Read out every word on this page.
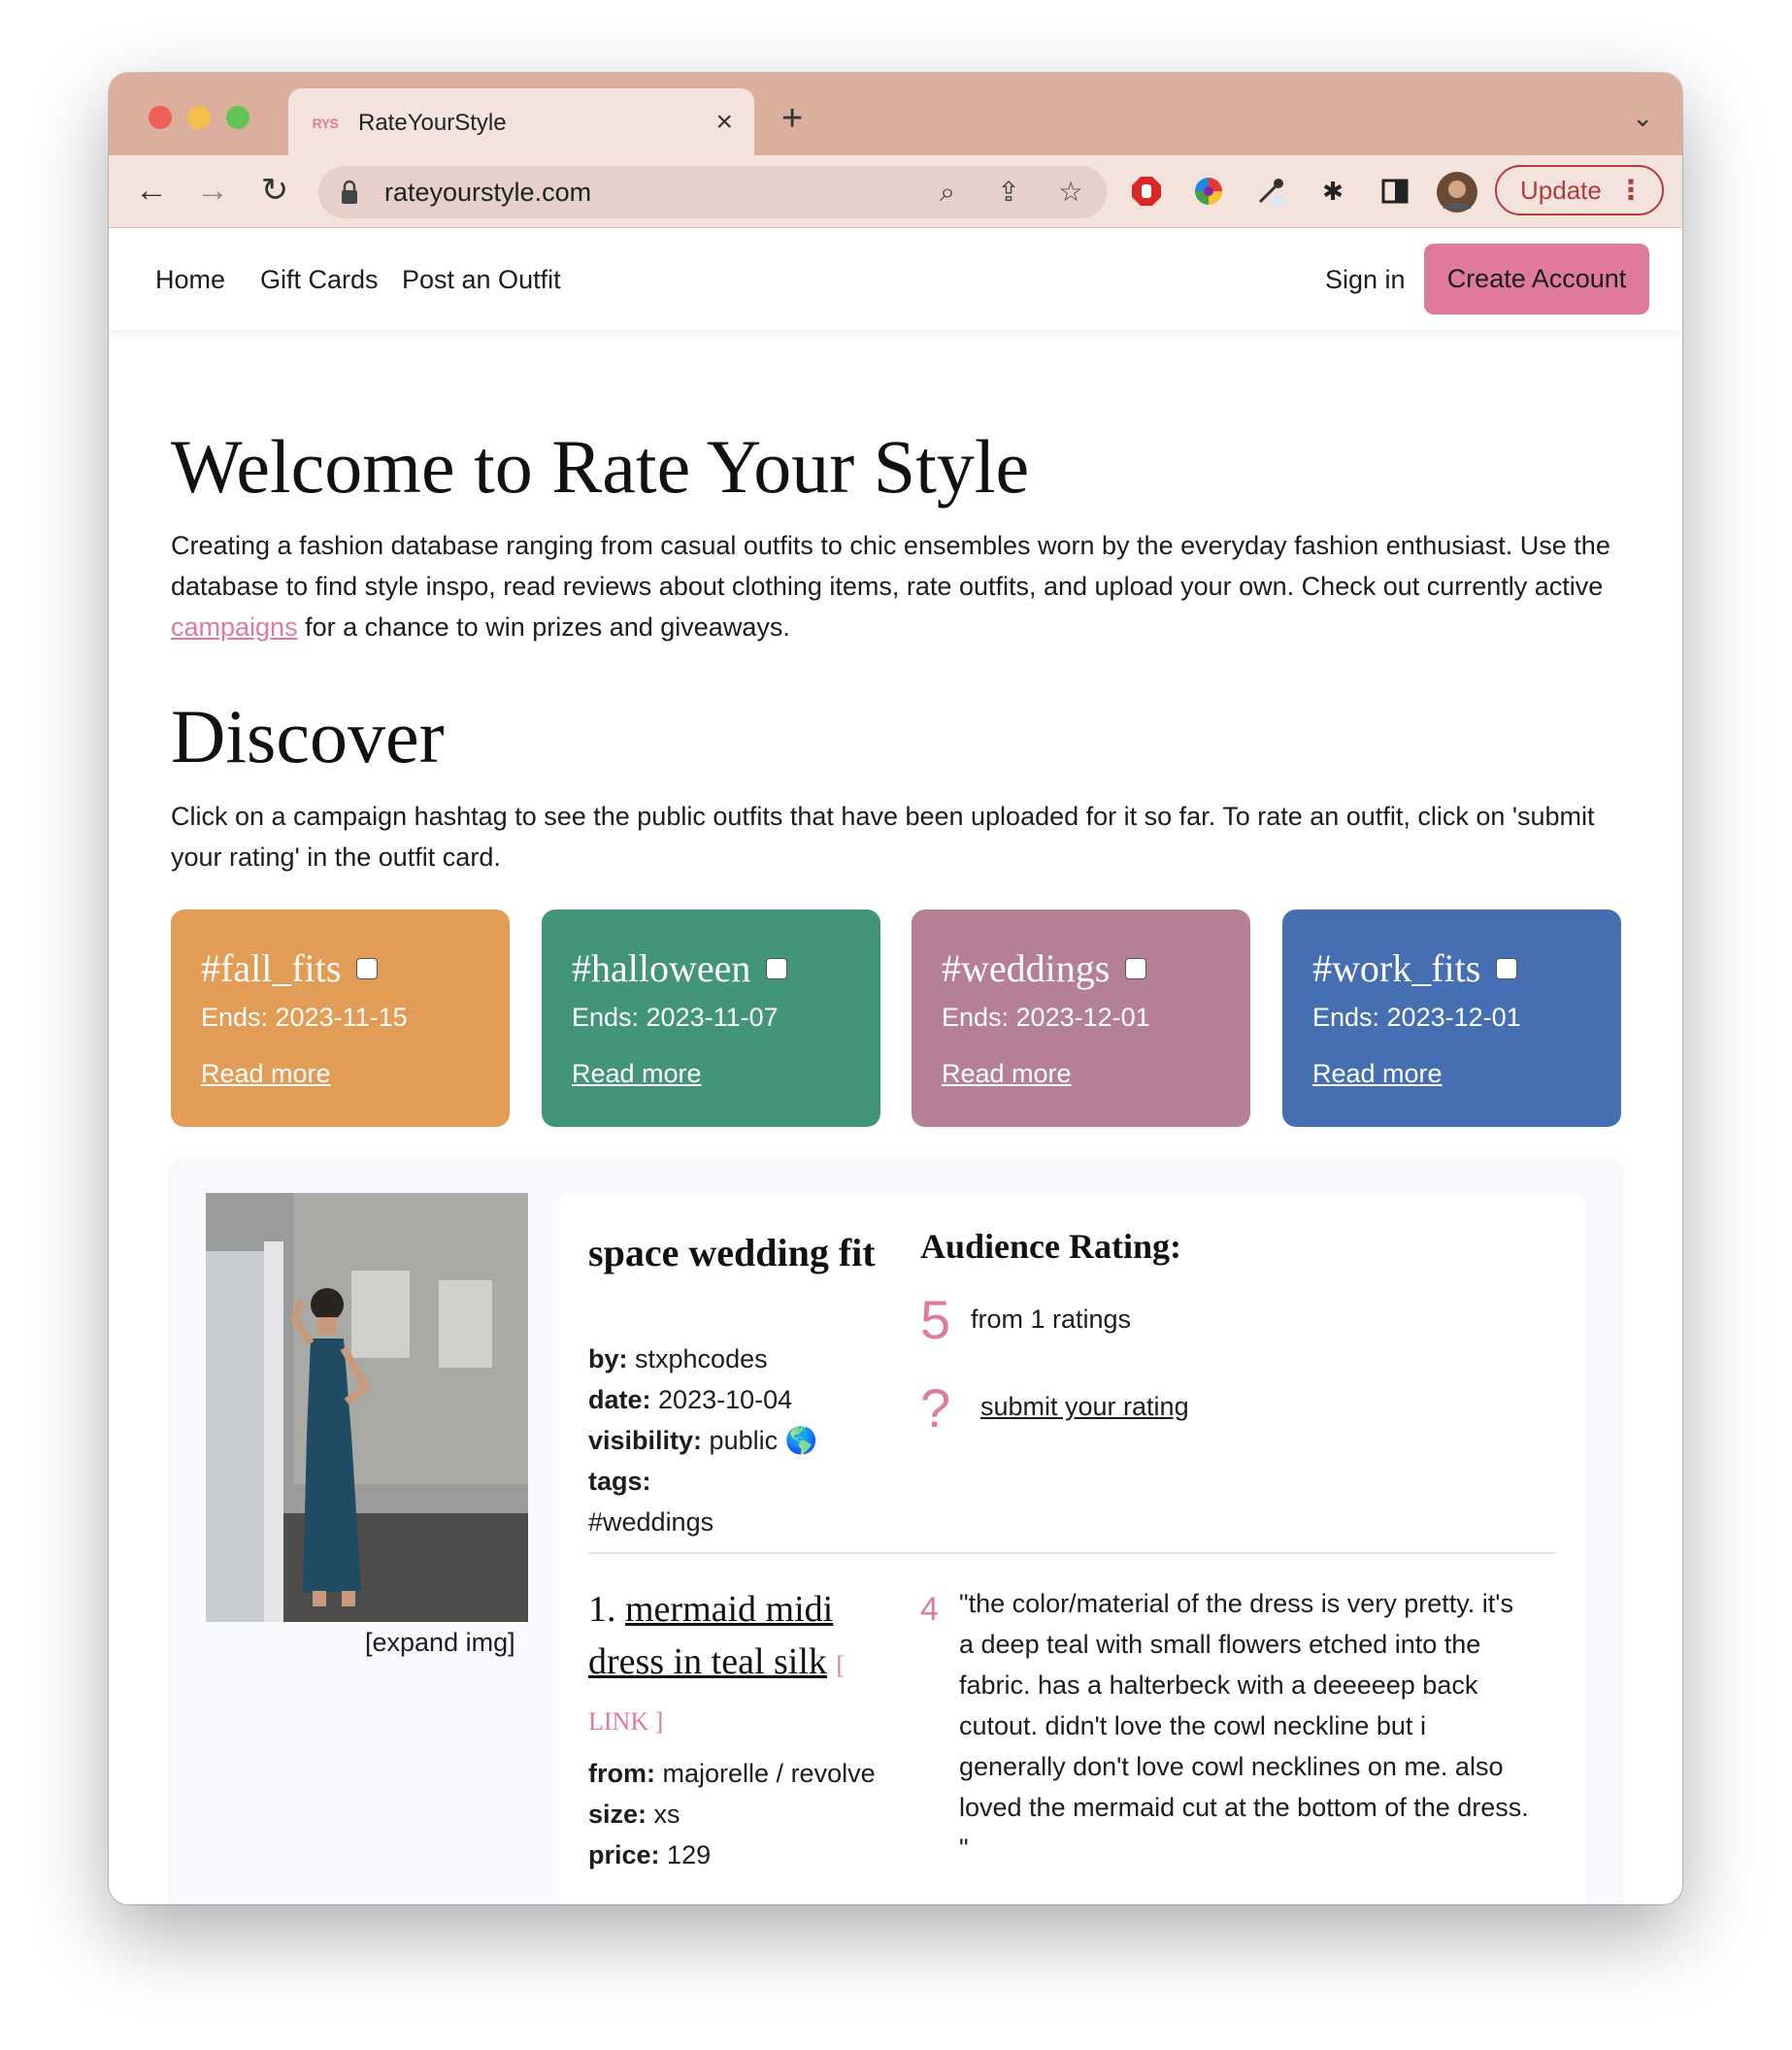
RYS RateYourStyle	× +	⌄
← → ↻	rateyourstyle.com	⌕	⇪ ☆	✱	Update ⋮
Home Gift Cards Post an Outfit	Sign in	Create Account
Welcome to Rate Your Style

Creating a fashion database ranging from casual outfits to chic ensembles worn by the everyday fashion enthusiast. Use the database to find style inspo, read reviews about clothing items, rate outfits, and upload your own. Check out currently active campaigns for a chance to win prizes and giveaways.

Discover

Click on a campaign hashtag to see the public outfits that have been uploaded for it so far. To rate an outfit, click on 'submit your rating' in the outfit card.

#fall_fits
Ends: 2023-11-15
Read more
#halloween
Ends: 2023-11-07
Read more
#weddings
Ends: 2023-12-01
Read more
#work_fits
Ends: 2023-12-01
Read more
[expand img]
space wedding fit
by: stxphcodes
date: 2023-10-04
visibility: public 🌎
tags:
#weddings
Audience Rating:
5 from 1 ratings
? submit your rating

1. mermaid midi dress in teal silk [ LINK ]

from: majorelle / revolve
size: xs
price: 129
4 "the color/material of the dress is very pretty. it's a deep teal with small flowers etched into the fabric. has a halterbeck with a deeeeep back cutout. didn't love the cowl neckline but i generally don't love cowl necklines on me. also loved the mermaid cut at the bottom of the dress. "
